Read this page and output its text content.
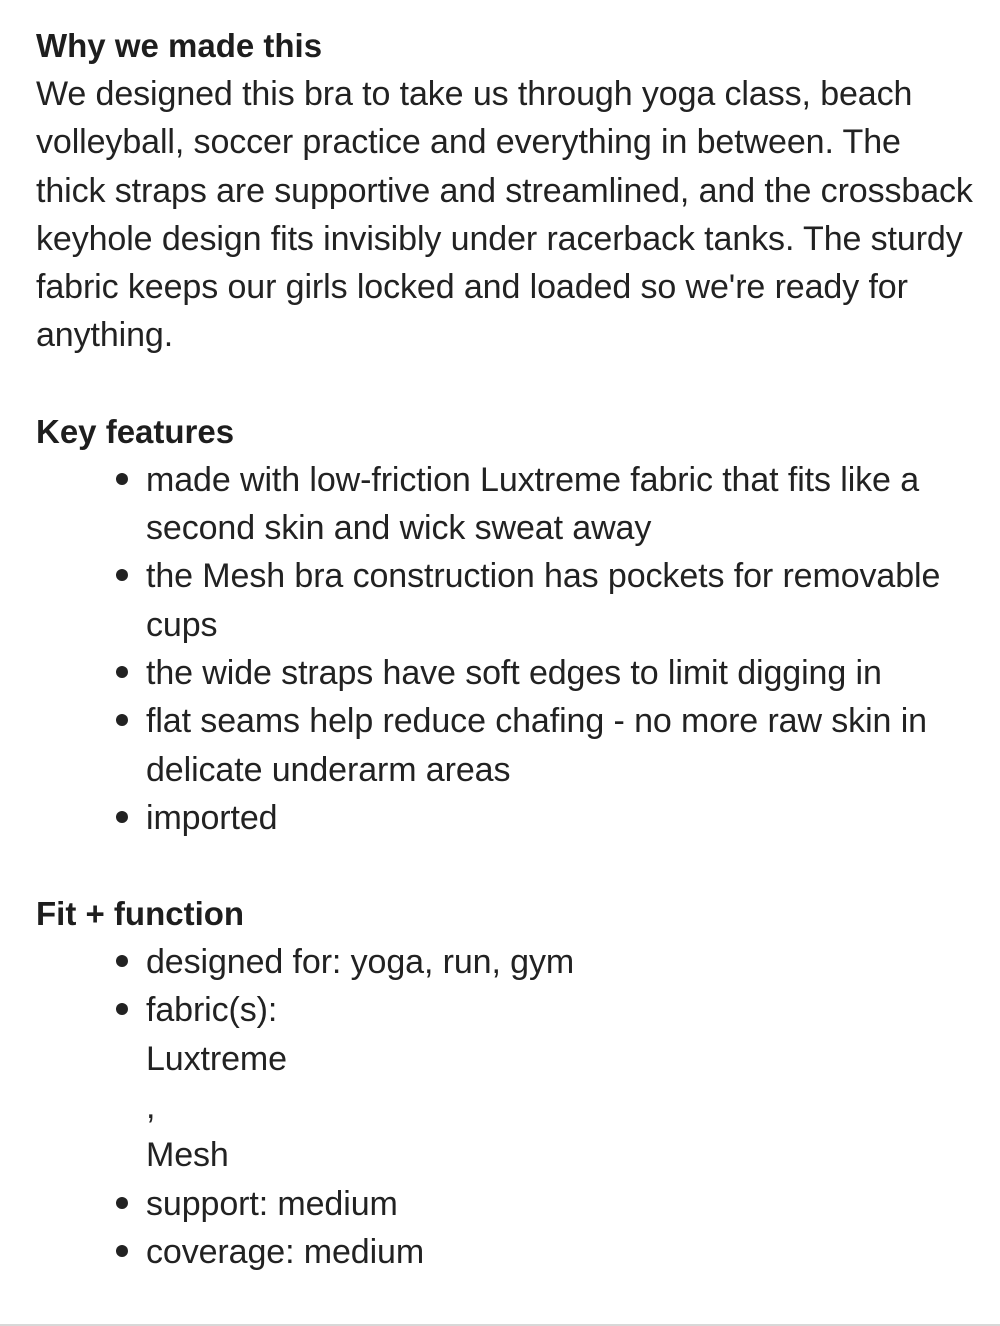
Why we made this

We designed this bra to take us through yoga class, beach volleyball, soccer practice and everything in between. The thick straps are supportive and streamlined, and the crossback keyhole design fits invisibly under racerback tanks. The sturdy fabric keeps our girls locked and loaded so we're ready for anything.

Key features
made with low-friction Luxtreme fabric that fits like a second skin and wick sweat away
the Mesh bra construction has pockets for removable cups
the wide straps have soft edges to limit digging in
flat seams help reduce chafing - no more raw skin in delicate underarm areas
imported
Fit + function
designed for: yoga, run, gym
fabric(s):
Luxtreme
,
Mesh
support: medium
coverage: medium
